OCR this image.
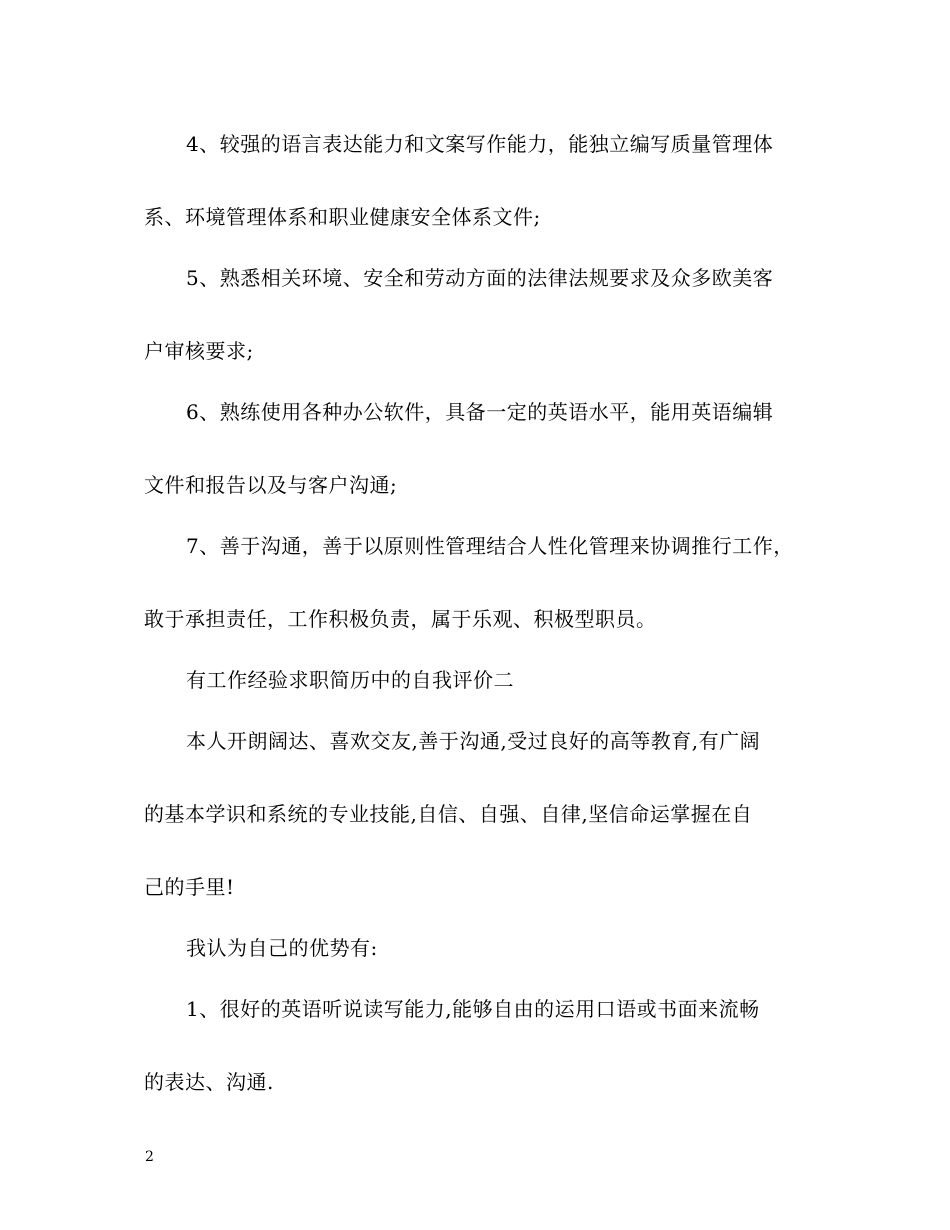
4、较强的语言表达能力和文案写作能力，能独立编写质量管理体
系、环境管理体系和职业健康安全体系文件;
5、熟悉相关环境、安全和劳动方面的法律法规要求及众多欧美客
户审核要求;
6、熟练使用各种办公软件，具备一定的英语水平，能用英语编辑
文件和报告以及与客户沟通;
7、善于沟通，善于以原则性管理结合人性化管理来协调推行工作，
敢于承担责任，工作积极负责，属于乐观、积极型职员。
有工作经验求职简历中的自我评价二
本人开朗阔达、喜欢交友,善于沟通,受过良好的高等教育,有广阔
的基本学识和系统的专业技能,自信、自强、自律,坚信命运掌握在自
己的手里!
我认为自己的优势有:
1、很好的英语听说读写能力,能够自由的运用口语或书面来流畅
的表达、沟通.
2
